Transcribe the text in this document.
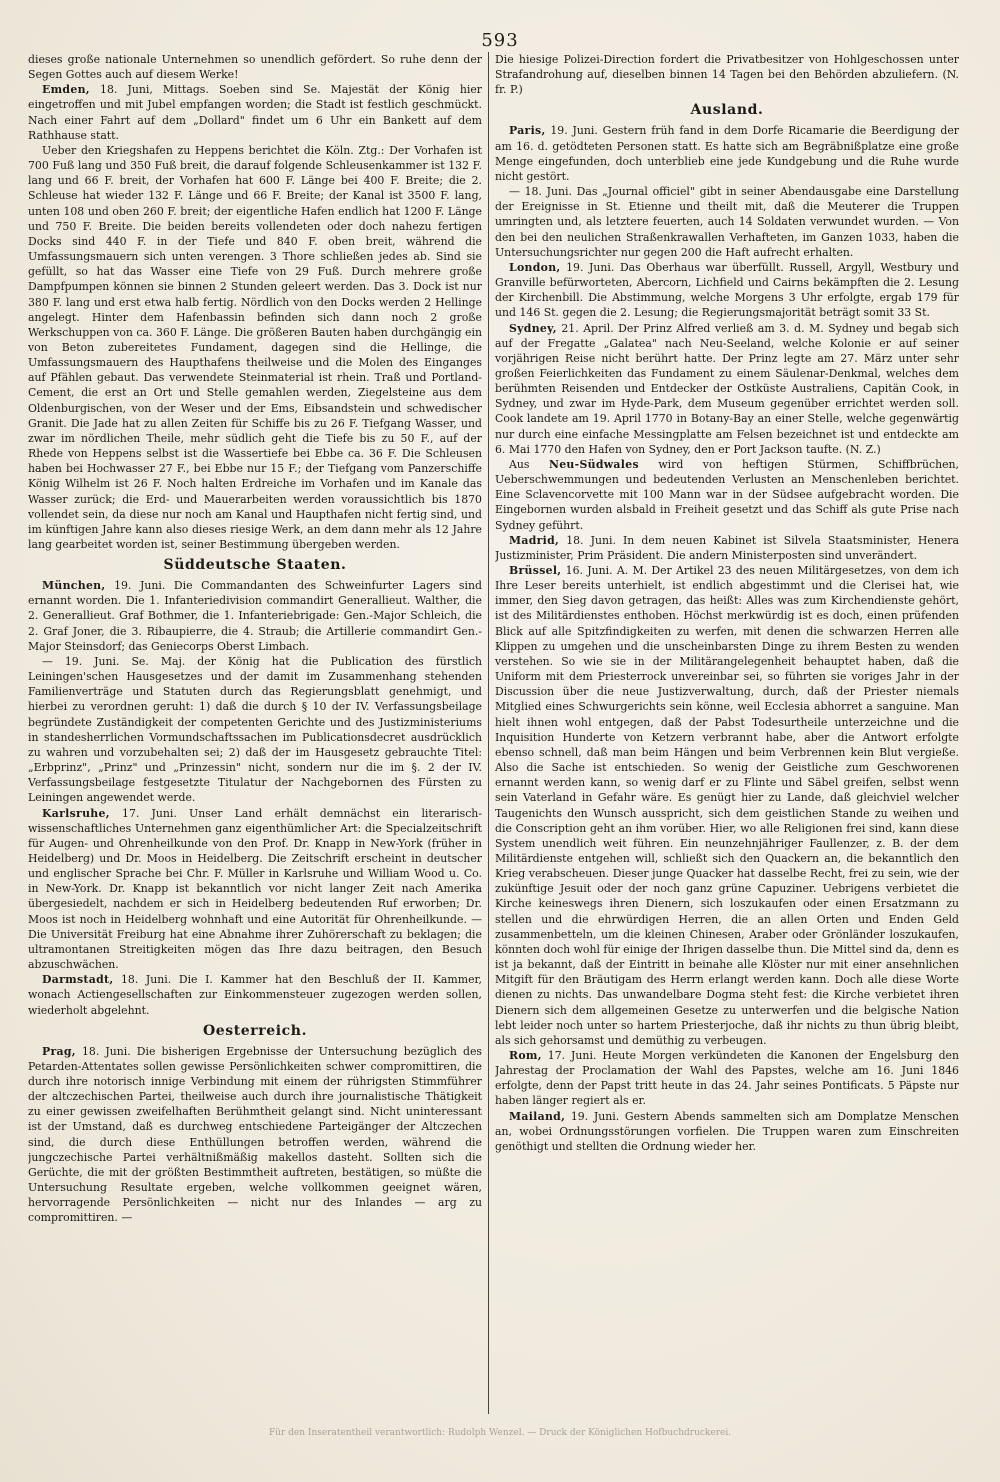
593

dieses große nationale Unternehmen so unendlich gefördert. So ruhe denn der Segen Gottes auch auf diesem Werke!

Emden, 18. Juni, Mittags. Soeben sind Se. Majestät der König hier eingetroffen und mit Jubel empfangen worden; die Stadt ist festlich geschmückt. Nach einer Fahrt auf dem „Dollard" findet um 6 Uhr ein Bankett auf dem Rathhause statt.

Ueber den Kriegshafen zu Heppens berichtet die Köln. Ztg.: Der Vorhafen ist 700 Fuß lang und 350 Fuß breit, die darauf folgende Schleusenkammer ist 132 F. lang und 66 F. breit, der Vorhafen hat 600 F. Länge bei 400 F. Breite; die 2. Schleuse hat wieder 132 F. Länge und 66 F. Breite; der Kanal ist 3500 F. lang, unten 108 und oben 260 F. breit; der eigentliche Hafen endlich hat 1200 F. Länge und 750 F. Breite. Die beiden bereits vollendeten oder doch nahezu fertigen Docks sind 440 F. in der Tiefe und 840 F. oben breit, während die Umfassungsmauern sich unten verengen. 3 Thore schließen jedes ab. Sind sie gefüllt, so hat das Wasser eine Tiefe von 29 Fuß. Durch mehrere große Dampfpumpen können sie binnen 2 Stunden geleert werden. Das 3. Dock ist nur 380 F. lang und erst etwa halb fertig. Nördlich von den Docks werden 2 Hellinge angelegt. Hinter dem Hafenbassin befinden sich dann noch 2 große Werkschuppen von ca. 360 F. Länge. Die größeren Bauten haben durchgängig ein von Beton zubereitetes Fundament, dagegen sind die Hellinge, die Umfassungsmauern des Haupthafens theilweise und die Molen des Einganges auf Pfählen gebaut. Das verwendete Steinmaterial ist rhein. Traß und Portland-Cement, die erst an Ort und Stelle gemahlen werden, Ziegelsteine aus dem Oldenburgischen, von der Weser und der Ems, Eibsandstein und schwedischer Granit. Die Jade hat zu allen Zeiten für Schiffe bis zu 26 F. Tiefgang Wasser, und zwar im nördlichen Theile, mehr südlich geht die Tiefe bis zu 50 F., auf der Rhede von Heppens selbst ist die Wassertiefe bei Ebbe ca. 36 F. Die Schleusen haben bei Hochwasser 27 F., bei Ebbe nur 15 F.; der Tiefgang vom Panzerschiffe König Wilhelm ist 26 F. Noch halten Erdreiche im Vorhafen und im Kanale das Wasser zurück; die Erd- und Mauerarbeiten werden voraussichtlich bis 1870 vollendet sein, da diese nur noch am Kanal und Haupthafen nicht fertig sind, und im künftigen Jahre kann also dieses riesige Werk, an dem dann mehr als 12 Jahre lang gearbeitet worden ist, seiner Bestimmung übergeben werden.

Süddeutsche Staaten.

München, 19. Juni. Die Commandanten des Schweinfurter Lagers sind ernannt worden. Die 1. Infanteriedivision commandirt Generallieut. Walther, die 2. Generallieut. Graf Bothmer, die 1. Infanteriebrigade: Gen.-Major Schleich, die 2. Graf Joner, die 3. Ribaupierre, die 4. Straub; die Artillerie commandirt Gen.-Major Steinsdorf; das Geniecorps Oberst Limbach.

— 19. Juni. Se. Maj. der König hat die Publication des fürstlich Leiningen'schen Hausgesetzes und der damit im Zusammenhang stehenden Familienverträge und Statuten durch das Regierungsblatt genehmigt, und hierbei zu verordnen geruht: 1) daß die durch § 10 der IV. Verfassungsbeilage begründete Zuständigkeit der competenten Gerichte und des Justizministeriums in standesherrlichen Vormundschaftssachen im Publicationsdecret ausdrücklich zu wahren und vorzubehalten sei; 2) daß der im Hausgesetz gebrauchte Titel: „Erbprinz", „Prinz" und „Prinzessin" nicht, sondern nur die im §. 2 der IV. Verfassungsbeilage festgesetzte Titulatur der Nachgebornen des Fürsten zu Leiningen angewendet werde.

Karlsruhe, 17. Juni. Unser Land erhält demnächst ein literarisch-wissenschaftliches Unternehmen ganz eigenthümlicher Art: die Specialzeitschrift für Augen- und Ohrenheilkunde von den Prof. Dr. Knapp in New-York (früher in Heidelberg) und Dr. Moos in Heidelberg. Die Zeitschrift erscheint in deutscher und englischer Sprache bei Chr. F. Müller in Karlsruhe und William Wood u. Co. in New-York. Dr. Knapp ist bekanntlich vor nicht langer Zeit nach Amerika übergesiedelt, nachdem er sich in Heidelberg bedeutenden Ruf erworben; Dr. Moos ist noch in Heidelberg wohnhaft und eine Autorität für Ohrenheilkunde. — Die Universität Freiburg hat eine Abnahme ihrer Zuhörerschaft zu beklagen; die ultramontanen Streitigkeiten mögen das Ihre dazu beitragen, den Besuch abzuschwächen.

Darmstadt, 18. Juni. Die I. Kammer hat den Beschluß der II. Kammer, wonach Actiengesellschaften zur Einkommensteuer zugezogen werden sollen, wiederholt abgelehnt.

Oesterreich.

Prag, 18. Juni. Die bisherigen Ergebnisse der Untersuchung bezüglich des Petarden-Attentates sollen gewisse Persönlichkeiten schwer compromittiren, die durch ihre notorisch innige Verbindung mit einem der rührigsten Stimmführer der altczechischen Partei, theilweise auch durch ihre journalistische Thätigkeit zu einer gewissen zweifelhaften Berühmtheit gelangt sind. Nicht uninteressant ist der Umstand, daß es durchweg entschiedene Parteigänger der Altczechen sind, die durch diese Enthüllungen betroffen werden, während die jungczechische Partei verhältnißmäßig makellos dasteht. Sollten sich die Gerüchte, die mit der größten Bestimmtheit auftreten, bestätigen, so müßte die Untersuchung Resultate ergeben, welche vollkommen geeignet wären, hervorragende Persönlichkeiten — nicht nur des Inlandes — arg zu compromittiren. —

Die hiesige Polizei-Direction fordert die Privatbesitzer von Hohlgeschossen unter Strafandrohung auf, dieselben binnen 14 Tagen bei den Behörden abzuliefern. (N. fr. P.)

Ausland.

Paris, 19. Juni. Gestern früh fand in dem Dorfe Ricamarie die Beerdigung der am 16. d. getödteten Personen statt. Es hatte sich am Begräbnißplatze eine große Menge eingefunden, doch unterblieb eine jede Kundgebung und die Ruhe wurde nicht gestört.

— 18. Juni. Das „Journal officiel" gibt in seiner Abendausgabe eine Darstellung der Ereignisse in St. Etienne und theilt mit, daß die Meuterer die Truppen umringten und, als letztere feuerten, auch 14 Soldaten verwundet wurden. — Von den bei den neulichen Straßenkrawallen Verhafteten, im Ganzen 1033, haben die Untersuchungsrichter nur gegen 200 die Haft aufrecht erhalten.

London, 19. Juni. Das Oberhaus war überfüllt. Russell, Argyll, Westbury und Granville befürworteten, Abercorn, Lichfield und Cairns bekämpften die 2. Lesung der Kirchenbill. Die Abstimmung, welche Morgens 3 Uhr erfolgte, ergab 179 für und 146 St. gegen die 2. Lesung; die Regierungsmajorität beträgt somit 33 St.

Sydney, 21. April. Der Prinz Alfred verließ am 3. d. M. Sydney und begab sich auf der Fregatte „Galatea" nach Neu-Seeland, welche Kolonie er auf seiner vorjährigen Reise nicht berührt hatte. Der Prinz legte am 27. März unter sehr großen Feierlichkeiten das Fundament zu einem Säulenar-Denkmal, welches dem berühmten Reisenden und Entdecker der Ostküste Australiens, Capitän Cook, in Sydney, und zwar im Hyde-Park, dem Museum gegenüber errichtet werden soll. Cook landete am 19. April 1770 in Botany-Bay an einer Stelle, welche gegenwärtig nur durch eine einfache Messingplatte am Felsen bezeichnet ist und entdeckte am 6. Mai 1770 den Hafen von Sydney, den er Port Jackson taufte. (N. Z.)

Aus Neu-Südwales wird von heftigen Stürmen, Schiffbrüchen, Ueberschwemmungen und bedeutenden Verlusten an Menschenleben berichtet. Eine Sclavencorvette mit 100 Mann war in der Südsee aufgebracht worden. Die Eingebornen wurden alsbald in Freiheit gesetzt und das Schiff als gute Prise nach Sydney geführt.

Madrid, 18. Juni. In dem neuen Kabinet ist Silvela Staatsminister, Henera Justizminister, Prim Präsident. Die andern Ministerposten sind unverändert.

Brüssel, 16. Juni. A. M. Der Artikel 23 des neuen Militärgesetzes, von dem ich Ihre Leser bereits unterhielt, ist endlich abgestimmt und die Clerisei hat, wie immer, den Sieg davon getragen, das heißt: Alles was zum Kirchendienste gehört, ist des Militärdienstes enthoben. Höchst merkwürdig ist es doch, einen prüfenden Blick auf alle Spitzfindigkeiten zu werfen, mit denen die schwarzen Herren alle Klippen zu umgehen und die unscheinbarsten Dinge zu ihrem Besten zu wenden verstehen. So wie sie in der Militärangelegenheit behauptet haben, daß die Uniform mit dem Priesterrock unvereinbar sei, so führten sie voriges Jahr in der Discussion über die neue Justizverwaltung, durch, daß der Priester niemals Mitglied eines Schwurgerichts sein könne, weil Ecclesia abhorret a sanguine. Man hielt ihnen wohl entgegen, daß der Pabst Todesurtheile unterzeichne und die Inquisition Hunderte von Ketzern verbrannt habe, aber die Antwort erfolgte ebenso schnell, daß man beim Hängen und beim Verbrennen kein Blut vergieße. Also die Sache ist entschieden. So wenig der Geistliche zum Geschworenen ernannt werden kann, so wenig darf er zu Flinte und Säbel greifen, selbst wenn sein Vaterland in Gefahr wäre. Es genügt hier zu Lande, daß gleichviel welcher Taugenichts den Wunsch ausspricht, sich dem geistlichen Stande zu weihen und die Conscription geht an ihm vorüber. Hier, wo alle Religionen frei sind, kann diese System unendlich weit führen. Ein neunzehnjähriger Faullenzer, z. B. der dem Militärdienste entgehen will, schließt sich den Quackern an, die bekanntlich den Krieg verabscheuen. Dieser junge Quacker hat dasselbe Recht, frei zu sein, wie der zukünftige Jesuit oder der noch ganz grüne Capuziner. Uebrigens verbietet die Kirche keineswegs ihren Dienern, sich loszukaufen oder einen Ersatzmann zu stellen und die ehrwürdigen Herren, die an allen Orten und Enden Geld zusammenbetteln, um die kleinen Chinesen, Araber oder Grönländer loszukaufen, könnten doch wohl für einige der Ihrigen dasselbe thun. Die Mittel sind da, denn es ist ja bekannt, daß der Eintritt in beinahe alle Klöster nur mit einer ansehnlichen Mitgift für den Bräutigam des Herrn erlangt werden kann. Doch alle diese Worte dienen zu nichts. Das unwandelbare Dogma steht fest: die Kirche verbietet ihren Dienern sich dem allgemeinen Gesetze zu unterwerfen und die belgische Nation lebt leider noch unter so hartem Priesterjoche, daß ihr nichts zu thun übrig bleibt, als sich gehorsamst und demüthig zu verbeugen.

Rom, 17. Juni. Heute Morgen verkündeten die Kanonen der Engelsburg den Jahrestag der Proclamation der Wahl des Papstes, welche am 16. Juni 1846 erfolgte, denn der Papst tritt heute in das 24. Jahr seines Pontificats. 5 Päpste nur haben länger regiert als er.

Mailand, 19. Juni. Gestern Abends sammelten sich am Domplatze Menschen an, wobei Ordnungsstörungen vorfielen. Die Truppen waren zum Einschreiten genöthigt und stellten die Ordnung wieder her.

Für den Inseratentheil verantwortlich: Rudolph Wenzel. — Druck der Königlichen Hofbuchdruckerei.
